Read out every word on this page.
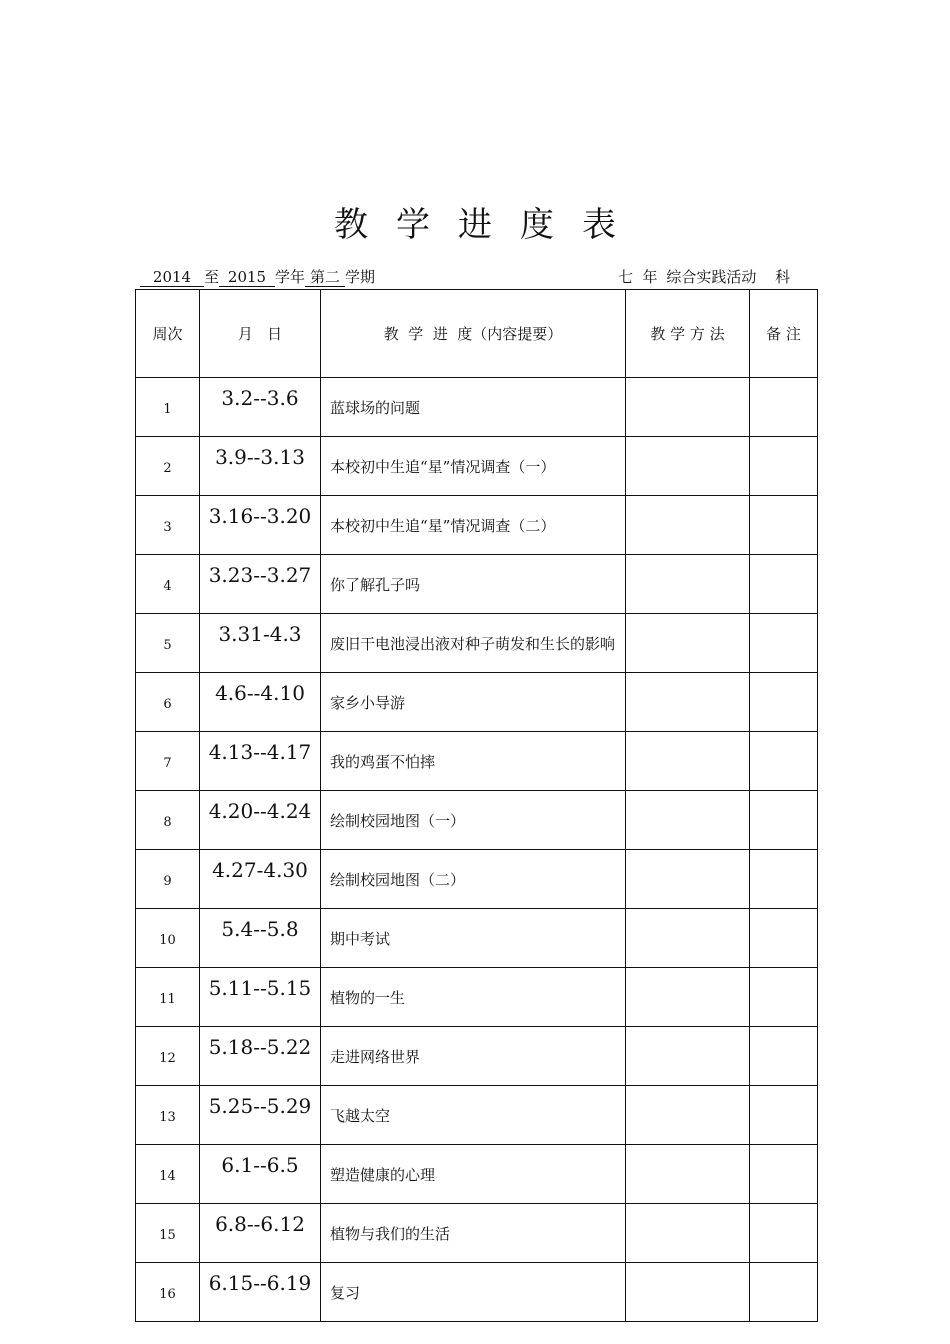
教 学 进 度 表
2014 至 2015 学年 第二 学期	七  年 综合实践活动 科
周次	月   日	教  学  进  度（内容提要）	教 学 方 法	备 注
1	3.2--3.6	蓝球场的问题		
2	3.9--3.13	本校初中生追“星”情况调查（一）		
3	3.16--3.20	本校初中生追“星”情况调查（二）		
4	3.23--3.27	你了解孔子吗		
5	3.31-4.3	废旧干电池浸出液对种子萌发和生长的影响		
6	4.6--4.10	家乡小导游		
7	4.13--4.17	我的鸡蛋不怕摔		
8	4.20--4.24	绘制校园地图（一）		
9	4.27-4.30	绘制校园地图（二）		
10	5.4--5.8	期中考试		
11	5.11--5.15	植物的一生		
12	5.18--5.22	走进网络世界		
13	5.25--5.29	飞越太空		
14	6.1--6.5	塑造健康的心理		
15	6.8--6.12	植物与我们的生活		
16	6.15--6.19	复习		
